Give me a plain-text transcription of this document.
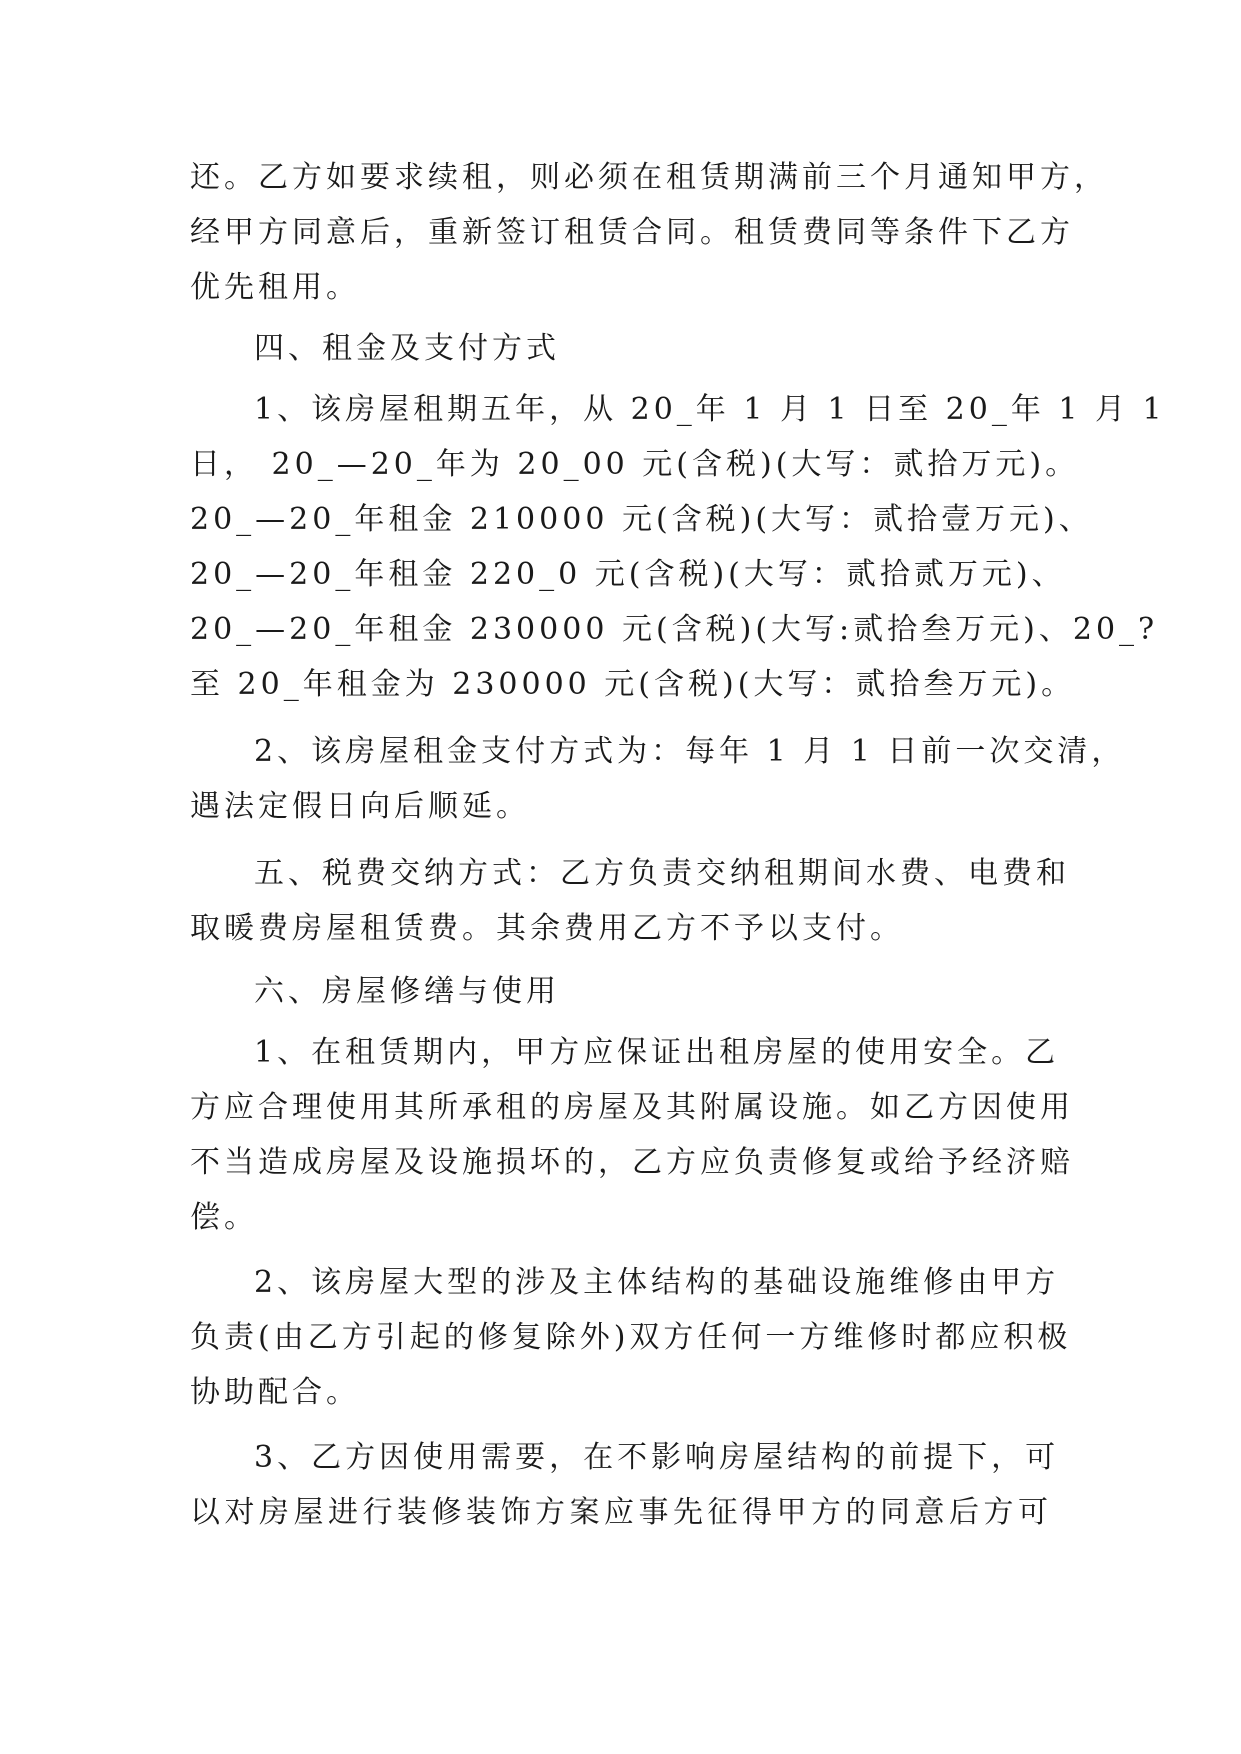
还。乙方如要求续租，则必须在租赁期满前三个月通知甲方，
经甲方同意后，重新签订租赁合同。租赁费同等条件下乙方
优先租用。
四、租金及支付方式
1、该房屋租期五年，从 20_年 1 月 1 日至 20_年 1 月 1
日， 20_—20_年为 20_00 元(含税)(大写：贰拾万元)。
20_—20_年租金 210000 元(含税)(大写：贰拾壹万元)、
20_—20_年租金 220_0 元(含税)(大写：贰拾贰万元)、
20_—20_年租金 230000 元(含税)(大写:贰拾叁万元)、20_?
至 20_年租金为 230000 元(含税)(大写：贰拾叁万元)。
2、该房屋租金支付方式为：每年 1 月 1 日前一次交清，
遇法定假日向后顺延。
五、税费交纳方式：乙方负责交纳租期间水费、电费和
取暖费房屋租赁费。其余费用乙方不予以支付。
六、房屋修缮与使用
1、在租赁期内，甲方应保证出租房屋的使用安全。乙
方应合理使用其所承租的房屋及其附属设施。如乙方因使用
不当造成房屋及设施损坏的，乙方应负责修复或给予经济赔
偿。
2、该房屋大型的涉及主体结构的基础设施维修由甲方
负责(由乙方引起的修复除外)双方任何一方维修时都应积极
协助配合。
3、乙方因使用需要，在不影响房屋结构的前提下，可
以对房屋进行装修装饰方案应事先征得甲方的同意后方可
